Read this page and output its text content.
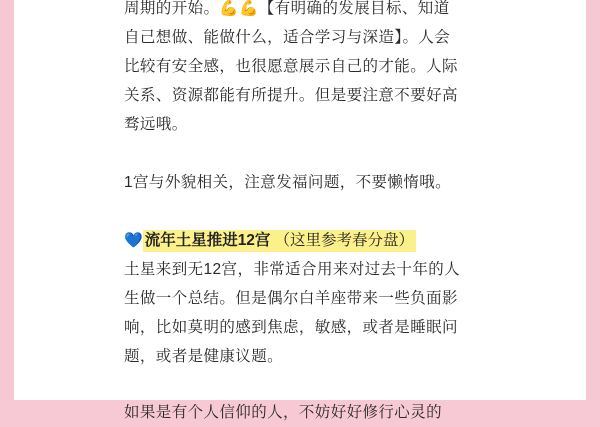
周期的开始。💪💪【有明确的发展目标、知道

自己想做、能做什么，适合学习与深造】。人会

比较有安全感，也很愿意展示自己的才能。人际

关系、资源都能有所提升。但是要注意不要好高

骛远哦。

1宫与外貌相关，注意发福问题，不要懒惰哦。

💙 流年土星推进12宫 （这里参考春分盘）

土星来到无12宫，非常适合用来对过去十年的人

生做一个总结。但是偶尔白羊座带来一些负面影

响，比如莫明的感到焦虑，敏感，或者是睡眠问

题，或者是健康议题。

如果是有个人信仰的人，不妨好好修行心灵的
